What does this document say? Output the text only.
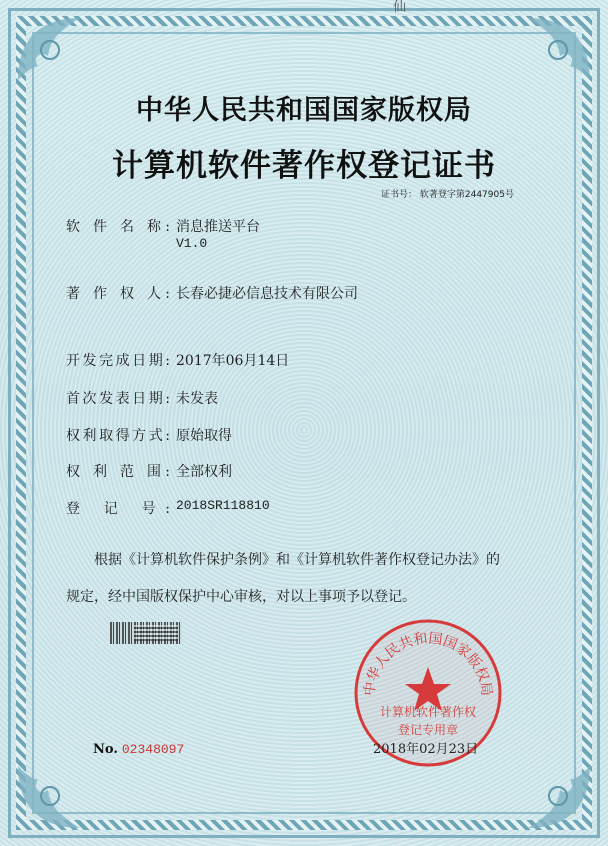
仙
中华人民共和国国家版权局
计算机软件著作权登记证书
证书号： 软著登字第2447905号
软 件 名 称: 消息推送平台
V1.0
著 作 权 人: 长春必捷必信息技术有限公司
开发完成日期: 2017年06月14日
首次发表日期: 未发表
权利取得方式: 原始取得
权 利 范 围: 全部权利
登 记 号: 2018SR118810
根据《计算机软件保护条例》和《计算机软件著作权登记办法》的
规定，经中国版权保护中心审核，对以上事项予以登记。
中华人民共和国国家版权局
计算机软件著作权
登记专用章
2018年02月23日
No. 02348097
